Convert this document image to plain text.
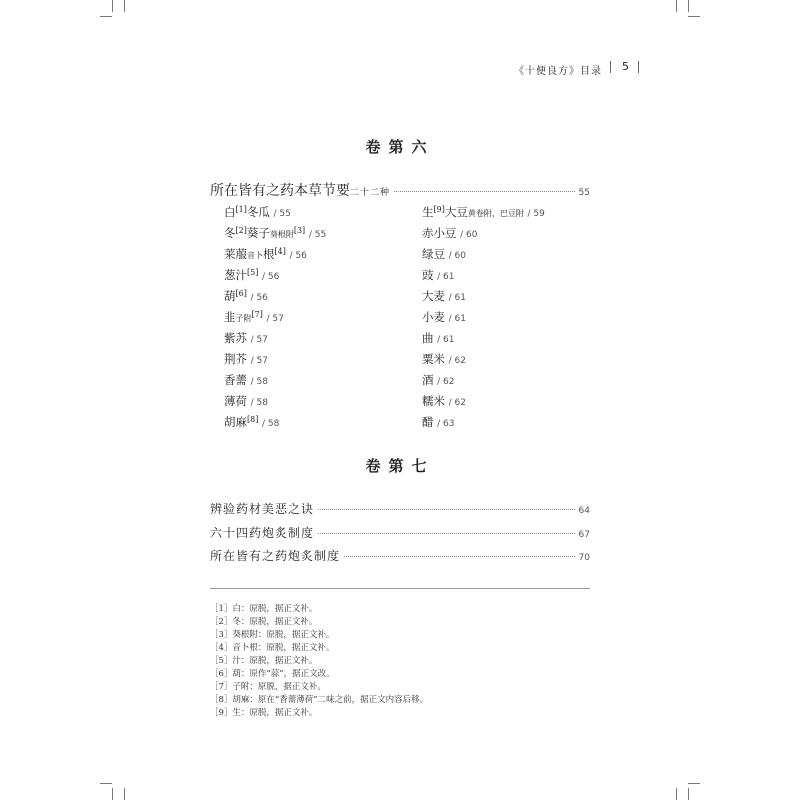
《十便良方》目录 5
卷第六
所在皆有之药本草节要二十二种	55
白[1]冬瓜 / 55
冬[2]葵子葵根附[3] / 55
莱菔音卜根[4] / 56
葱汁[5] / 56
葫[6] / 56
韭子附[7] / 57
紫苏 / 57
荆芥 / 57
香薷 / 58
薄荷 / 58
胡麻[8] / 58
生[9]大豆黄卷附，巴豆附 / 59
赤小豆 / 60
绿豆 / 60
豉 / 61
大麦 / 61
小麦 / 61
曲 / 61
粟米 / 62
酒 / 62
糯米 / 62
醋 / 63
卷第七
辨验药材美恶之诀	64
六十四药炮炙制度	67
所在皆有之药炮炙制度	70
［1］白：原脱，据正文补。
［2］冬：原脱，据正文补。
［3］葵根附：原脱，据正文补。
［4］音卜根：原脱，据正文补。
［5］汁：原脱，据正文补。
［6］葫：原作“蒜”，据正文改。
［7］子附：原脱，据正文补。
［8］胡麻：原在“香薷薄荷”二味之前，据正文内容后移。
［9］生：原脱，据正文补。
